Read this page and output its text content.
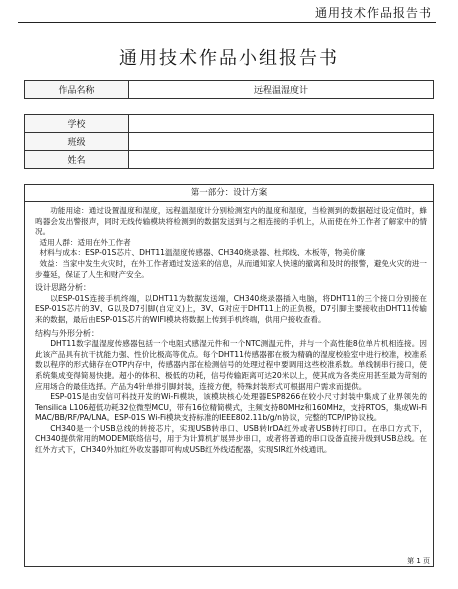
通用技术作品报告书
通用技术作品小组报告书
作品名称	远程温湿度计
学校	
班级	
姓名	
第一部分：设计方案

功能用途：通过设置温度和湿度，远程温湿度计分别检测室内的温度和湿度，当检测到的数据超过设定值时，蜂鸣器会发出警报声，同时无线传输模块将检测到的数据发送到与之相连接的手机上，从而使在外工作者了解家中的情况。

适用人群：适用在外工作者

材料与成本：ESP-01S芯片、DHT11温湿度传感器、CH340烧录器、杜邦线、木板等，物美价廉

效益：当家中发生火灾时，在外工作者通过发送来的信息，从而通知家人快速的撤离和及时的报警，避免火灾的进一步蔓延，保证了人生和财产安全。

设计思路分析：

以ESP-01S连接手机终端，以DHT11为数据发送端，CH340烧录器插入电脑，将DHT11的三个接口分别接在ESP-01S芯片的3V、G以及D7引脚(自定义)上，3V、G对应于DHT11上的正负极，D7引脚主要接收由DHT11传输来的数据，最后由ESP-01S芯片的WIFI模块将数据上传到手机终端，供用户接收查看。

结构与外形分析：

DHT11数字温湿度传感器包括一个电阻式感湿元件和一个NTC测温元件，并与一个高性能8位单片机相连接。因此该产品具有抗干扰能力强、性价比极高等优点。每个DHT11传感器都在极为精确的湿度校验室中进行校准，校准系数以程序的形式储存在OTP内存中，传感器内部在检测信号的处理过程中要调用这些校准系数。单线制串行接口，使系统集成变得简易快捷。超小的体积、极低的功耗，信号传输距离可达20米以上，使其成为各类应用甚至最为苛刻的应用场合的最佳选择。产品为4针单排引脚封装，连接方便，特殊封装形式可根据用户需求而提供。

ESP-01S是由安信可科技开发的Wi-Fi模块，该模块核心处理器ESP8266在较小尺寸封装中集成了业界领先的Tensilica L106超低功耗32位微型MCU，带有16位精简模式，主频支持80MHz和160MHz，支持RTOS，集成Wi-Fi MAC/BB/RF/PA/LNA。ESP-01S Wi-Fi模块支持标准的IEEE802.11b/g/n协议，完整的TCP/IP协议栈。

CH340是一个USB总线的转接芯片，实现USB转串口、USB转IrDA红外或者USB转打印口。在串口方式下，CH340提供常用的MODEM联络信号，用于为计算机扩展异步串口，或者将普通的串口设备直接升级到USB总线。在红外方式下，CH340外加红外收发器即可构成USB红外线适配器，实现SIR红外线通讯。

第 1 页
